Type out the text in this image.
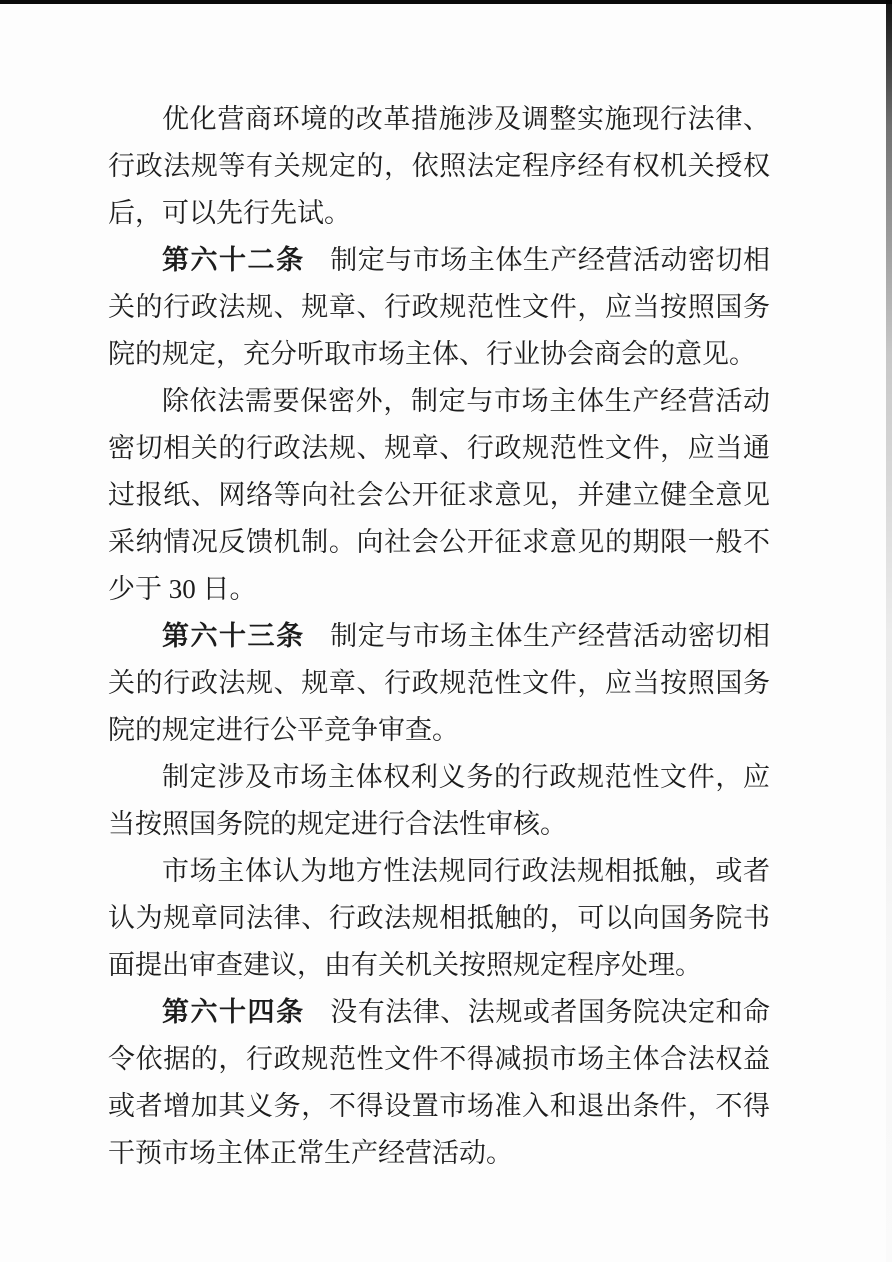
优化营商环境的改革措施涉及调整实施现行法律、行政法规等有关规定的，依照法定程序经有权机关授权后，可以先行先试。

第六十二条 制定与市场主体生产经营活动密切相关的行政法规、规章、行政规范性文件，应当按照国务院的规定，充分听取市场主体、行业协会商会的意见。

除依法需要保密外，制定与市场主体生产经营活动密切相关的行政法规、规章、行政规范性文件，应当通过报纸、网络等向社会公开征求意见，并建立健全意见采纳情况反馈机制。向社会公开征求意见的期限一般不少于 30 日。

第六十三条 制定与市场主体生产经营活动密切相关的行政法规、规章、行政规范性文件，应当按照国务院的规定进行公平竞争审查。

制定涉及市场主体权利义务的行政规范性文件，应当按照国务院的规定进行合法性审核。

市场主体认为地方性法规同行政法规相抵触，或者认为规章同法律、行政法规相抵触的，可以向国务院书面提出审查建议，由有关机关按照规定程序处理。

第六十四条 没有法律、法规或者国务院决定和命令依据的，行政规范性文件不得减损市场主体合法权益或者增加其义务，不得设置市场准入和退出条件，不得干预市场主体正常生产经营活动。
